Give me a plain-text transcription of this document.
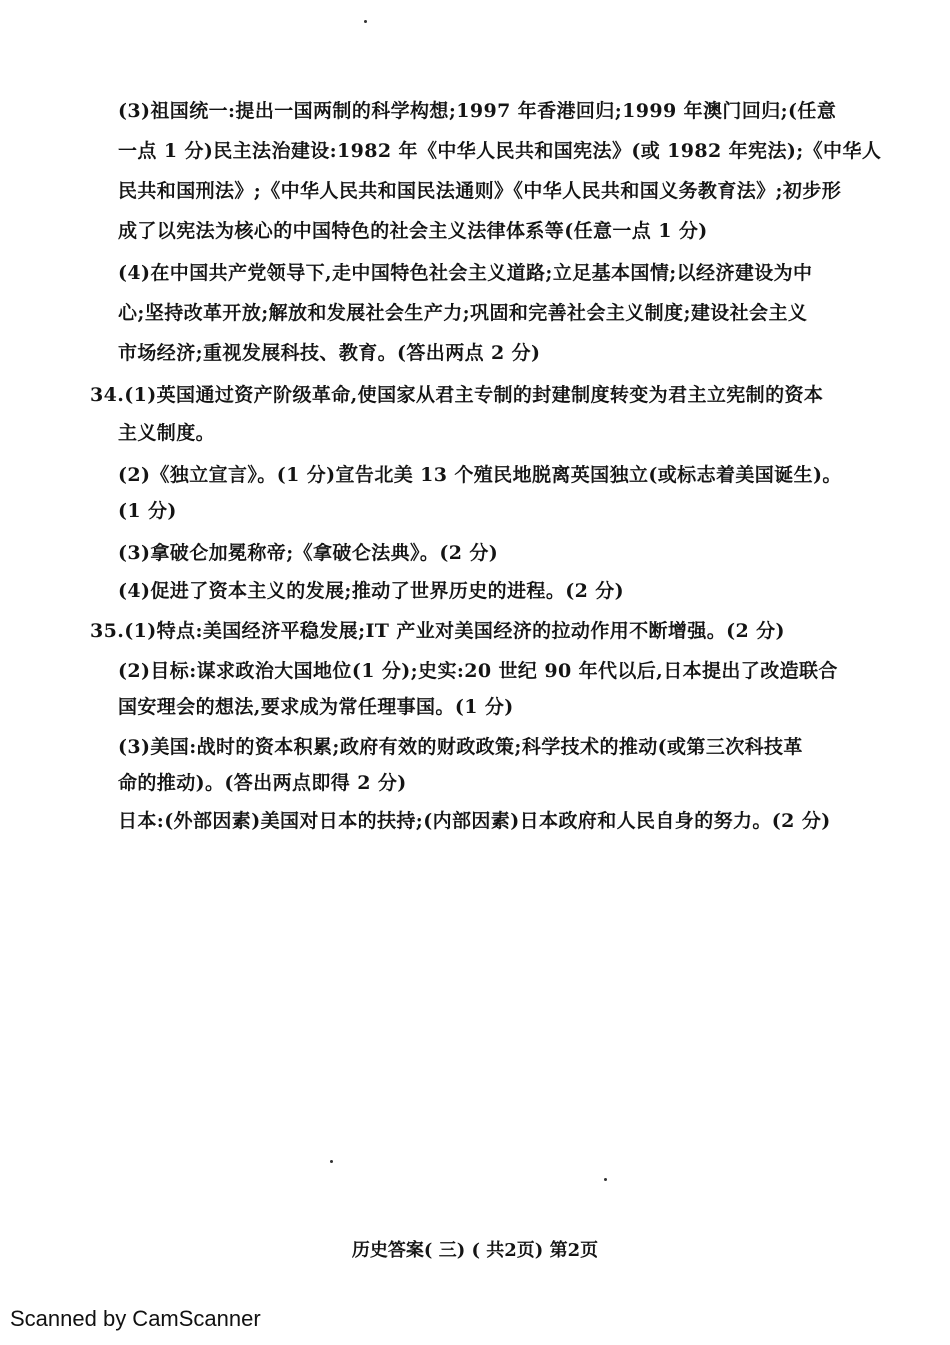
(3)祖国统一:提出一国两制的科学构想;1997 年香港回归;1999 年澳门回归;(任意
一点 1 分)民主法治建设:1982 年《中华人民共和国宪法》(或 1982 年宪法);《中华人
民共和国刑法》;《中华人民共和国民法通则》《中华人民共和国义务教育法》;初步形
成了以宪法为核心的中国特色的社会主义法律体系等(任意一点 1 分)
(4)在中国共产党领导下,走中国特色社会主义道路;立足基本国情;以经济建设为中
心;坚持改革开放;解放和发展社会生产力;巩固和完善社会主义制度;建设社会主义
市场经济;重视发展科技、教育。(答出两点 2 分)
34.(1)英国通过资产阶级革命,使国家从君主专制的封建制度转变为君主立宪制的资本
主义制度。
(2)《独立宣言》。(1 分)宣告北美 13 个殖民地脱离英国独立(或标志着美国诞生)。
(1 分)
(3)拿破仑加冕称帝;《拿破仑法典》。(2 分)
(4)促进了资本主义的发展;推动了世界历史的进程。(2 分)
35.(1)特点:美国经济平稳发展;IT 产业对美国经济的拉动作用不断增强。(2 分)
(2)目标:谋求政治大国地位(1 分);史实:20 世纪 90 年代以后,日本提出了改造联合
国安理会的想法,要求成为常任理事国。(1 分)
(3)美国:战时的资本积累;政府有效的财政政策;科学技术的推动(或第三次科技革
命的推动)。(答出两点即得 2 分)
日本:(外部因素)美国对日本的扶持;(内部因素)日本政府和人民自身的努力。(2 分)
历史答案( 三) ( 共2页) 第2页
Scanned by CamScanner
